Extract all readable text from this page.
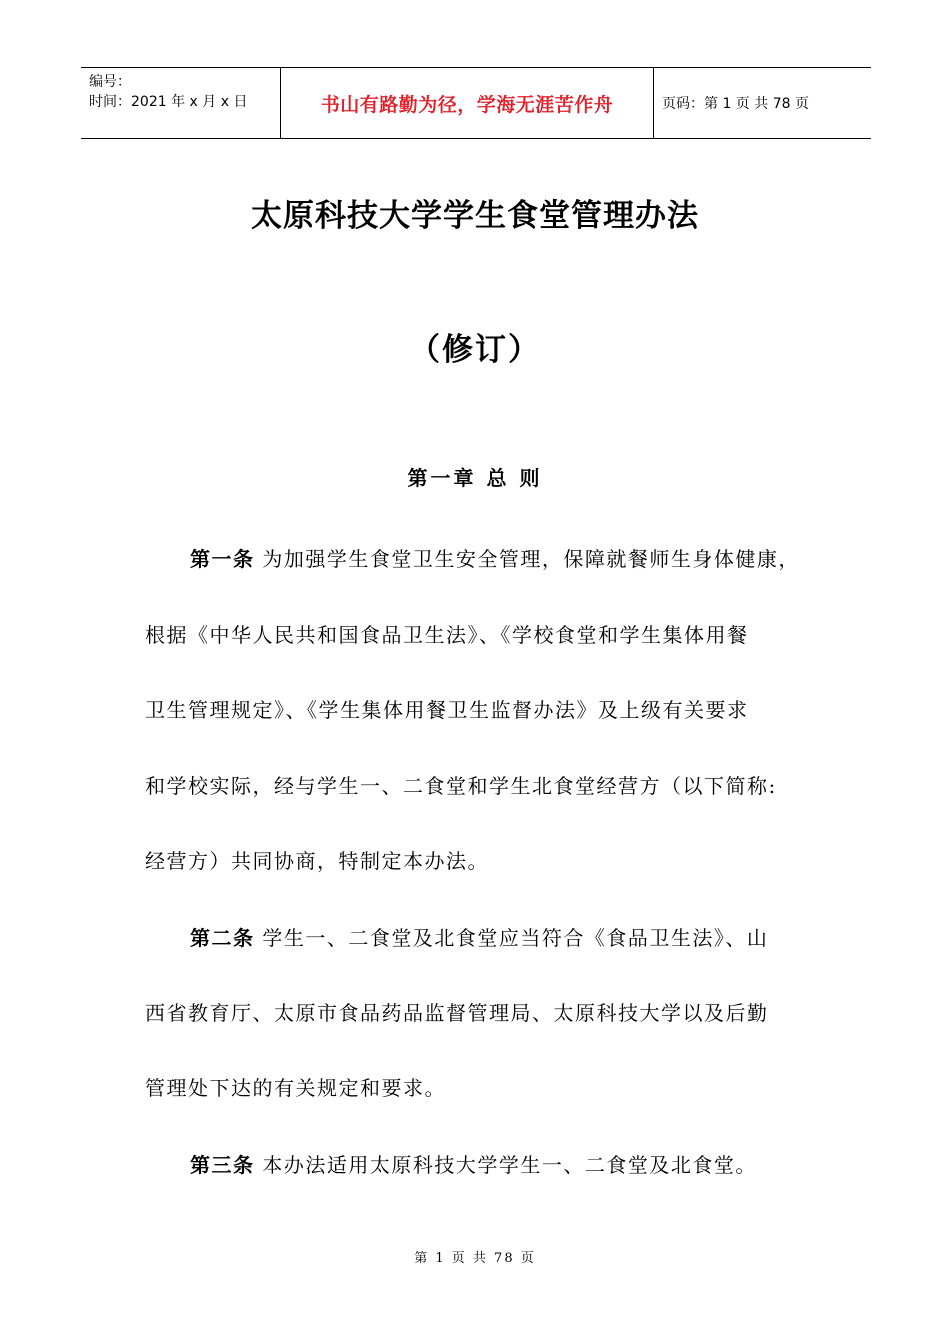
编号：
时间：2021 年 x 月 x 日	书山有路勤为径，学海无涯苦作舟	页码：第 1 页 共 78 页
太原科技大学学生食堂管理办法
（修订）
第一章 总 则
第一条 为加强学生食堂卫生安全管理，保障就餐师生身体健康，
根据《中华人民共和国食品卫生法》、《学校食堂和学生集体用餐
卫生管理规定》、《学生集体用餐卫生监督办法》及上级有关要求
和学校实际，经与学生一、二食堂和学生北食堂经营方（以下简称:
经营方）共同协商，特制定本办法。
第二条 学生一、二食堂及北食堂应当符合《食品卫生法》、山
西省教育厅、太原市食品药品监督管理局、太原科技大学以及后勤
管理处下达的有关规定和要求。
第三条 本办法适用太原科技大学学生一、二食堂及北食堂。
第 1 页 共 78 页
